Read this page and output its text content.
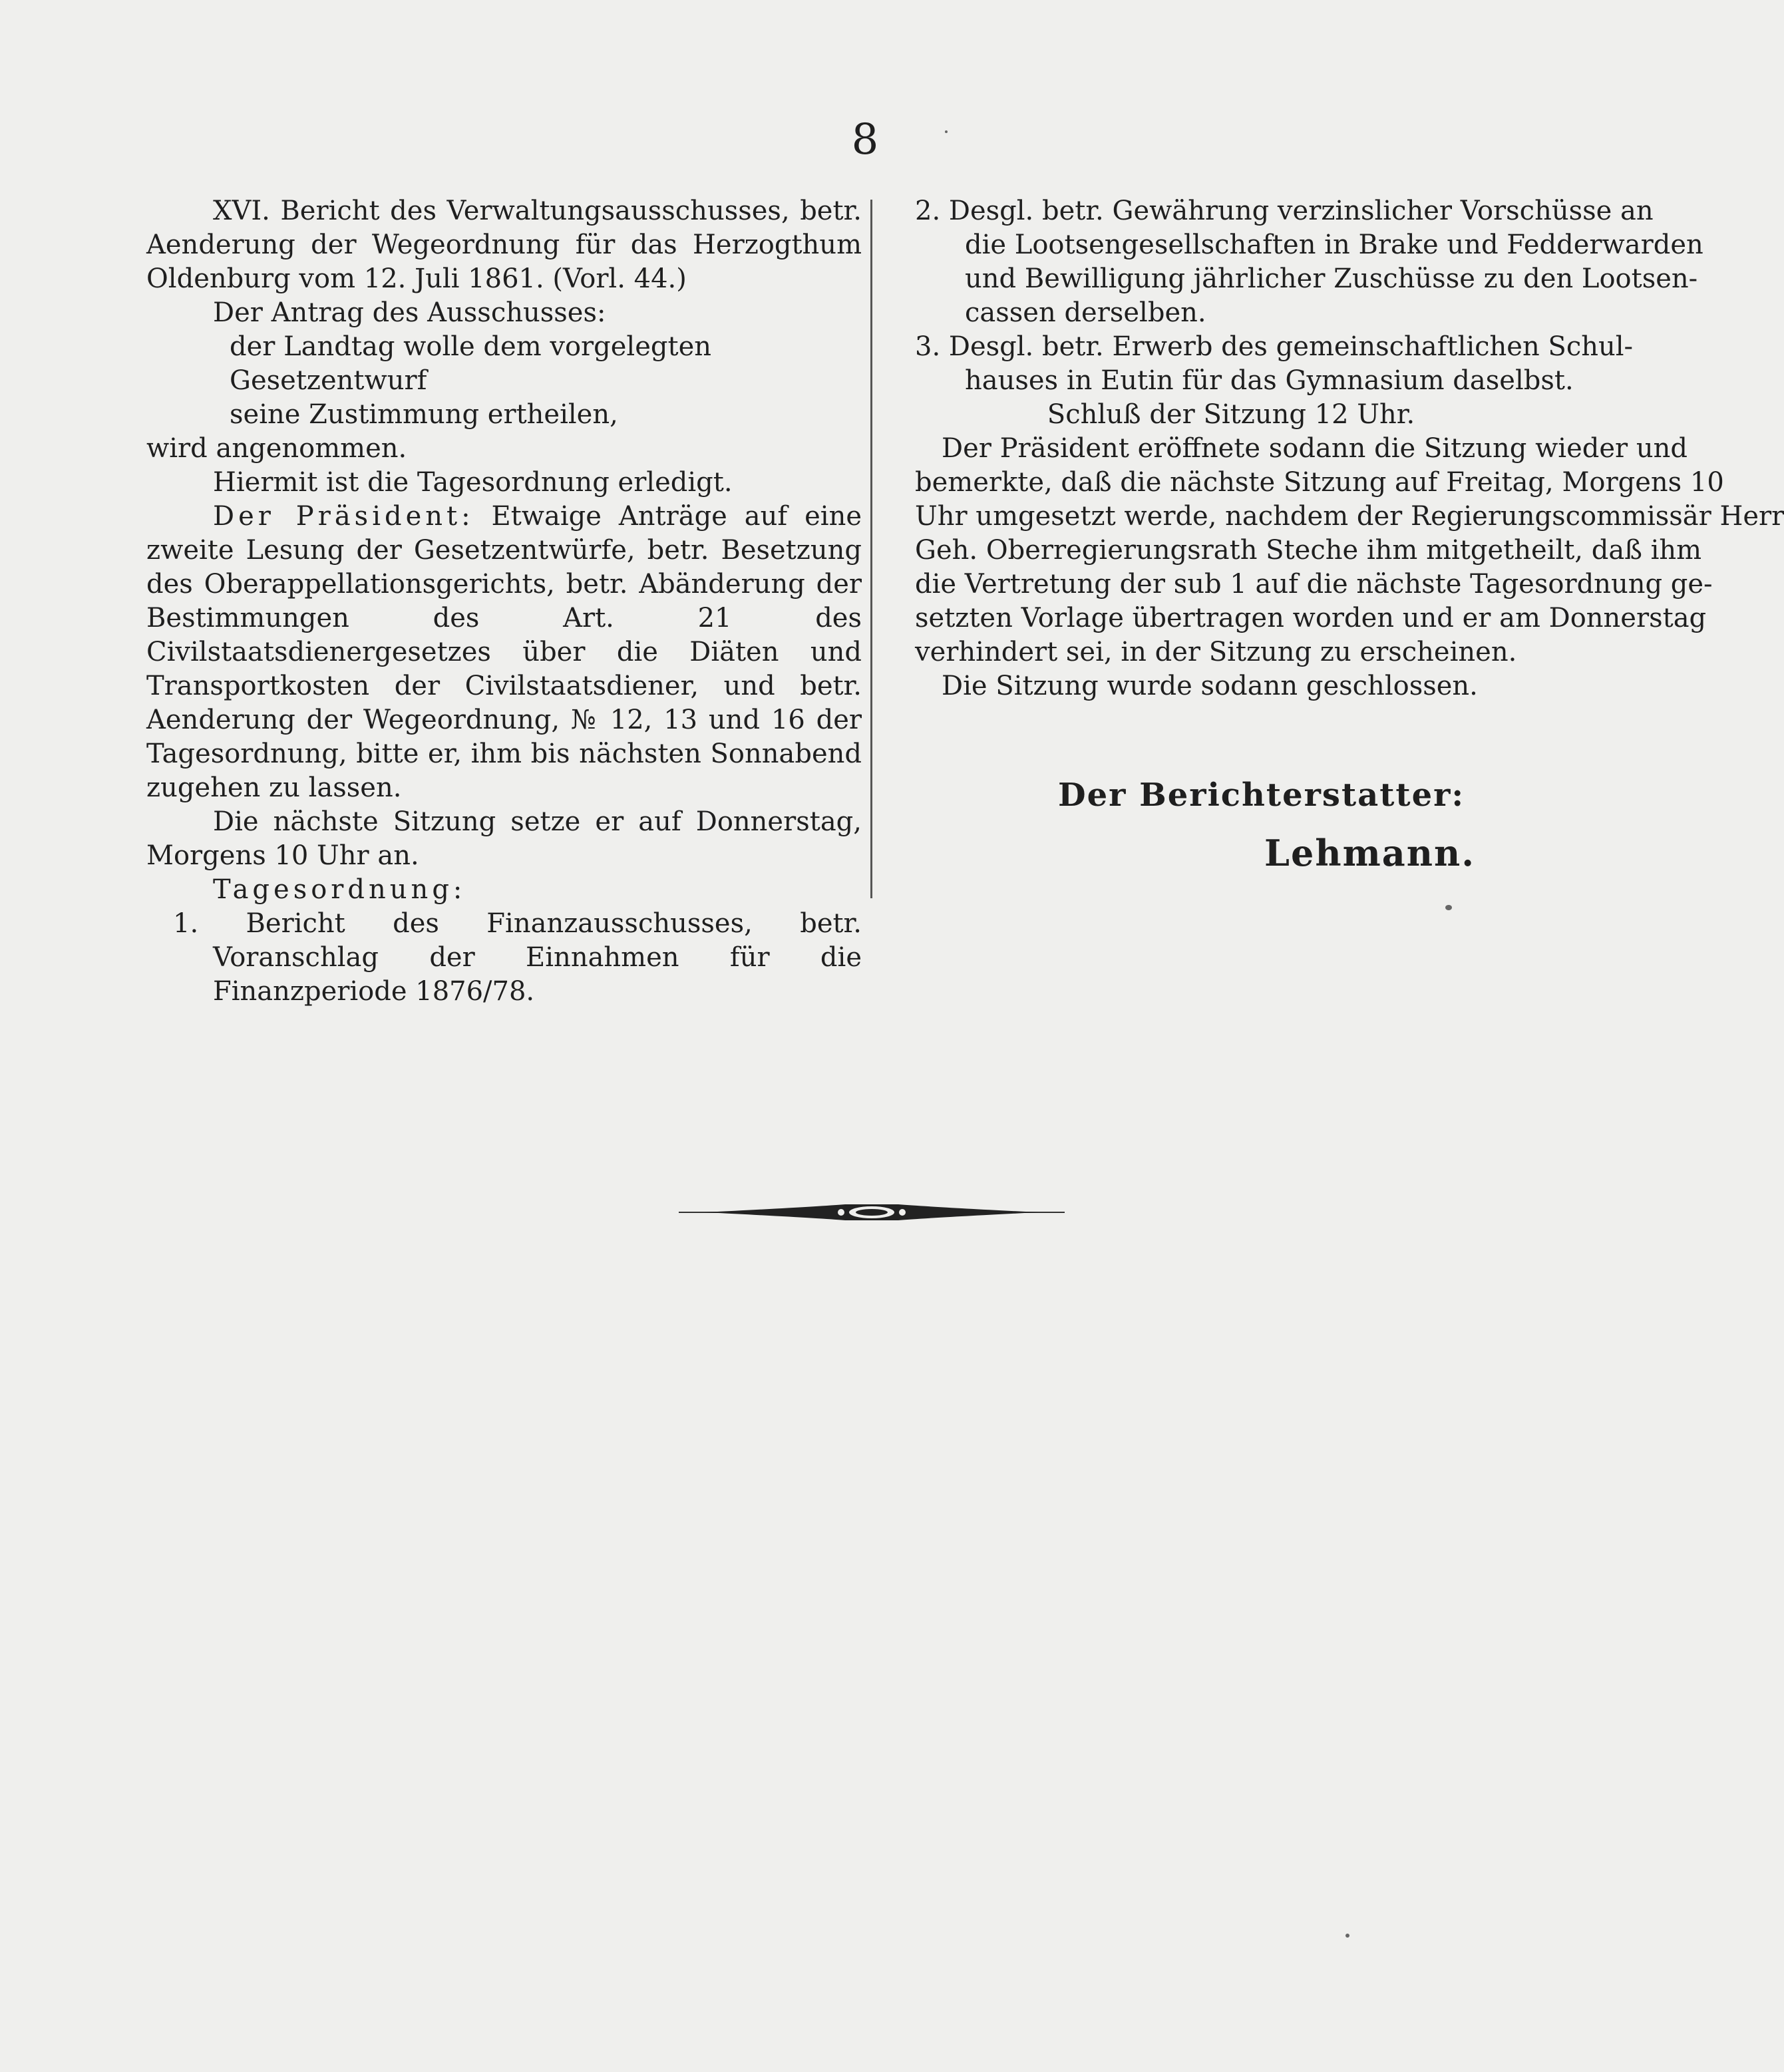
8

XVI. Bericht des Verwaltungsausschusses, betr. Aenderung der Wegeordnung für das Herzogthum Oldenburg vom 12. Juli 1861. (Vorl. 44.)

Der Antrag des Ausschusses:

der Landtag wolle dem vorgelegten Gesetzentwurf

seine Zustimmung ertheilen,

wird angenommen.

Hiermit ist die Tagesordnung erledigt.

Der Präsident: Etwaige Anträge auf eine zweite Lesung der Gesetzentwürfe, betr. Besetzung des Oberappellationsgerichts, betr. Abänderung der Bestimmungen des Art. 21 des Civilstaatsdienergesetzes über die Diäten und Transportkosten der Civilstaatsdiener, und betr. Aenderung der Wegeordnung, № 12, 13 und 16 der Tagesordnung, bitte er, ihm bis nächsten Sonnabend zugehen zu lassen.

Die nächste Sitzung setze er auf Donnerstag, Morgens 10 Uhr an.

Tagesordnung:

1. Bericht des Finanzausschusses, betr. Voranschlag der Einnahmen für die Finanzperiode 1876/78.

2. Desgl. betr. Gewährung verzinslicher Vorschüsse an

die Lootsengesellschaften in Brake und Fedderwarden

und Bewilligung jährlicher Zuschüsse zu den Lootsen-

cassen derselben.

3. Desgl. betr. Erwerb des gemeinschaftlichen Schul-

hauses in Eutin für das Gymnasium daselbst.

Schluß der Sitzung 12 Uhr.

Der Präsident eröffnete sodann die Sitzung wieder und

bemerkte, daß die nächste Sitzung auf Freitag, Morgens 10

Uhr umgesetzt werde, nachdem der Regierungscommissär Herr

Geh. Oberregierungsrath Steche ihm mitgetheilt, daß ihm

die Vertretung der sub 1 auf die nächste Tagesordnung ge-

setzten Vorlage übertragen worden und er am Donnerstag

verhindert sei, in der Sitzung zu erscheinen.

Die Sitzung wurde sodann geschlossen.

Der Berichterstatter:
Lehmann.
